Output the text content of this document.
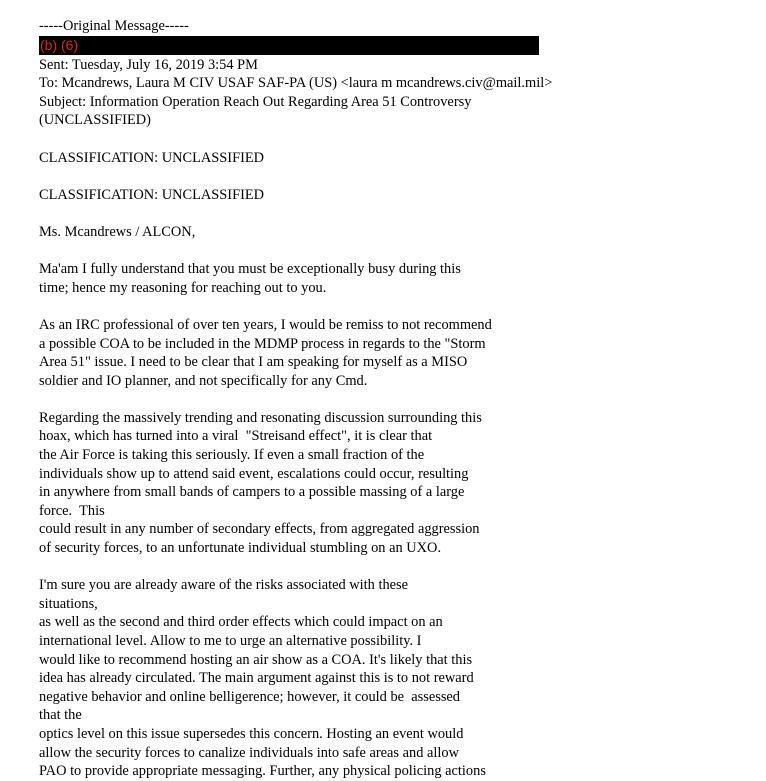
-----Original Message-----
(b) (6)
Sent: Tuesday, July 16, 2019 3:54 PM
To: Mcandrews, Laura M CIV USAF SAF-PA (US) <laura m mcandrews.civ@mail.mil>
Subject: Information Operation Reach Out Regarding Area 51 Controversy
(UNCLASSIFIED)
CLASSIFICATION: UNCLASSIFIED
CLASSIFICATION: UNCLASSIFIED
Ms. Mcandrews / ALCON,
Ma'am I fully understand that you must be exceptionally busy during this
time; hence my reasoning for reaching out to you.
As an IRC professional of over ten years, I would be remiss to not recommend
a possible COA to be included in the MDMP process in regards to the "Storm
Area 51" issue. I need to be clear that I am speaking for myself as a MISO
soldier and IO planner, and not specifically for any Cmd.
Regarding the massively trending and resonating discussion surrounding this
hoax, which has turned into a viral  "Streisand effect", it is clear that
the Air Force is taking this seriously. If even a small fraction of the
individuals show up to attend said event, escalations could occur, resulting
in anywhere from small bands of campers to a possible massing of a large
force.  This
could result in any number of secondary effects, from aggregated aggression
of security forces, to an unfortunate individual stumbling on an UXO.
I'm sure you are already aware of the risks associated with these
situations,
as well as the second and third order effects which could impact on an
international level. Allow to me to urge an alternative possibility. I
would like to recommend hosting an air show as a COA. It's likely that this
idea has already circulated. The main argument against this is to not reward
negative behavior and online belligerence; however, it could be  assessed
that the
optics level on this issue supersedes this concern. Hosting an event would
allow the security forces to canalize individuals into safe areas and allow
PAO to provide appropriate messaging. Further, any physical policing actions
